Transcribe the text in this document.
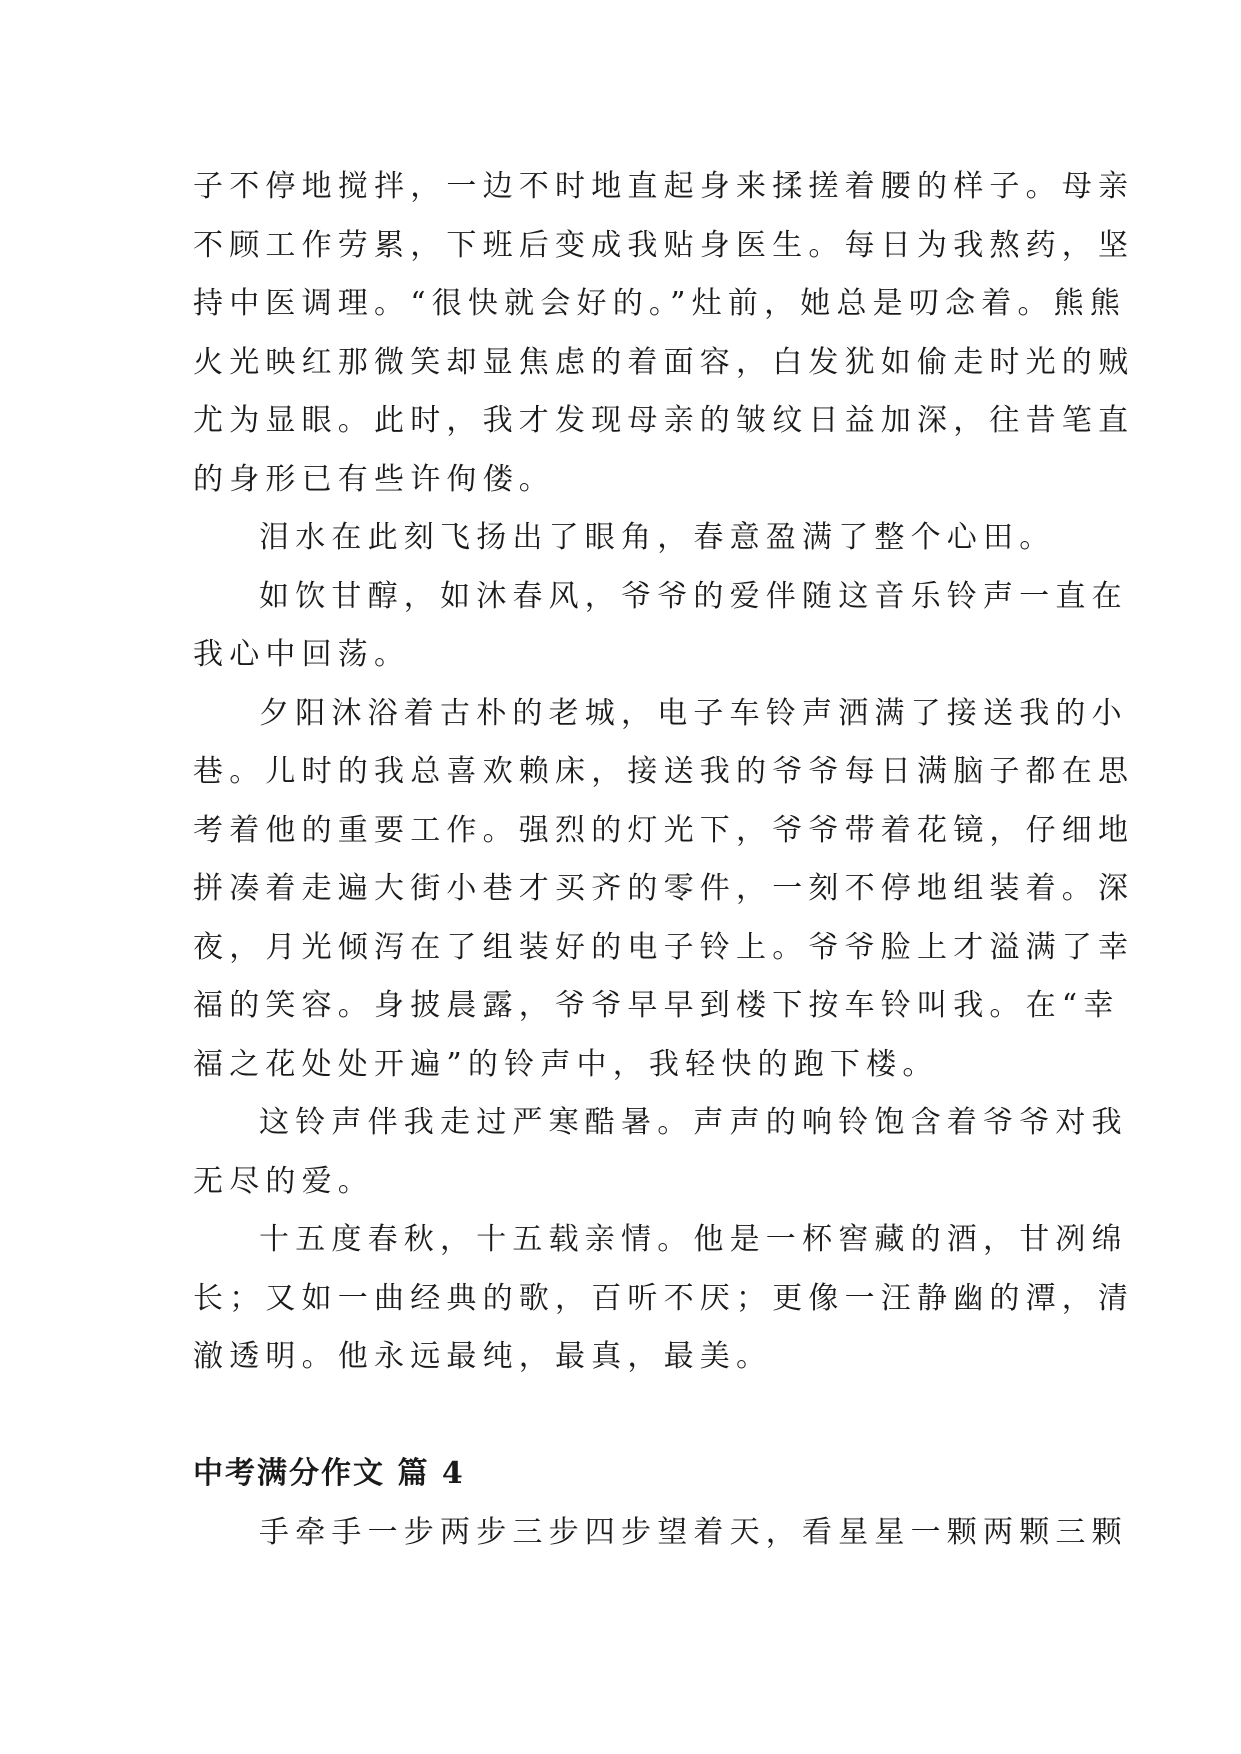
子不停地搅拌，一边不时地直起身来揉搓着腰的样子。母亲
不顾工作劳累，下班后变成我贴身医生。每日为我熬药，坚
持中医调理。“很快就会好的。”灶前，她总是叨念着。熊熊
火光映红那微笑却显焦虑的着面容，白发犹如偷走时光的贼
尤为显眼。此时，我才发现母亲的皱纹日益加深，往昔笔直
的身形已有些许佝偻。

泪水在此刻飞扬出了眼角，春意盈满了整个心田。

如饮甘醇，如沐春风，爷爷的爱伴随这音乐铃声一直在
我心中回荡。

夕阳沐浴着古朴的老城，电子车铃声洒满了接送我的小
巷。儿时的我总喜欢赖床，接送我的爷爷每日满脑子都在思
考着他的重要工作。强烈的灯光下，爷爷带着花镜，仔细地
拼凑着走遍大街小巷才买齐的零件，一刻不停地组装着。深
夜，月光倾泻在了组装好的电子铃上。爷爷脸上才溢满了幸
福的笑容。身披晨露，爷爷早早到楼下按车铃叫我。在“幸
福之花处处开遍”的铃声中，我轻快的跑下楼。

这铃声伴我走过严寒酷暑。声声的响铃饱含着爷爷对我
无尽的爱。

十五度春秋，十五载亲情。他是一杯窖藏的酒，甘冽绵
长；又如一曲经典的歌，百听不厌；更像一汪静幽的潭，清
澈透明。他永远最纯，最真，最美。

中考满分作文 篇 4

手牵手一步两步三步四步望着天，看星星一颗两颗三颗
